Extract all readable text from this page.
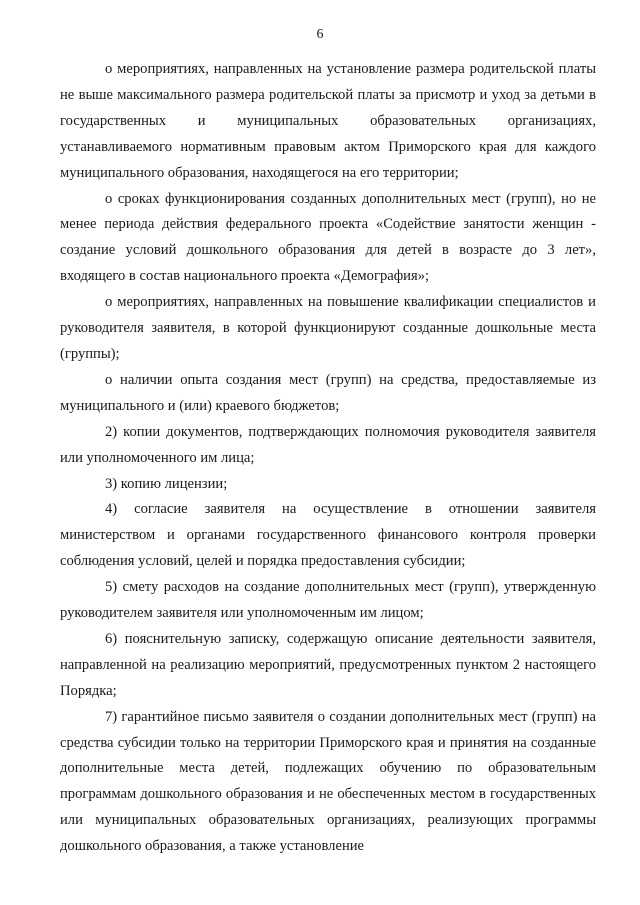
6

о мероприятиях, направленных на установление размера родительской платы не выше максимального размера родительской платы за присмотр и уход за детьми в государственных и муниципальных образовательных организациях, устанавливаемого нормативным правовым актом Приморского края для каждого муниципального образования, находящегося на его территории;

о сроках функционирования созданных дополнительных мест (групп), но не менее периода действия федерального проекта «Содействие занятости женщин - создание условий дошкольного образования для детей в возрасте до 3 лет», входящего в состав национального проекта «Демография»;

о мероприятиях, направленных на повышение квалификации специалистов и руководителя заявителя, в которой функционируют созданные дошкольные места (группы);

о наличии опыта создания мест (групп) на средства, предоставляемые из муниципального и (или) краевого бюджетов;

2) копии документов, подтверждающих полномочия руководителя заявителя или уполномоченного им лица;

3) копию лицензии;

4) согласие заявителя на осуществление в отношении заявителя министерством и органами государственного финансового контроля проверки соблюдения условий, целей и порядка предоставления субсидии;

5) смету расходов на создание дополнительных мест (групп), утвержденную руководителем заявителя или уполномоченным им лицом;

6) пояснительную записку, содержащую описание деятельности заявителя, направленной на реализацию мероприятий, предусмотренных пунктом 2 настоящего Порядка;

7) гарантийное письмо заявителя о создании дополнительных мест (групп) на средства субсидии только на территории Приморского края и принятия на созданные дополнительные места детей, подлежащих обучению по образовательным программам дошкольного образования и не обеспеченных местом в государственных или муниципальных образовательных организациях, реализующих программы дошкольного образования, а также установление
